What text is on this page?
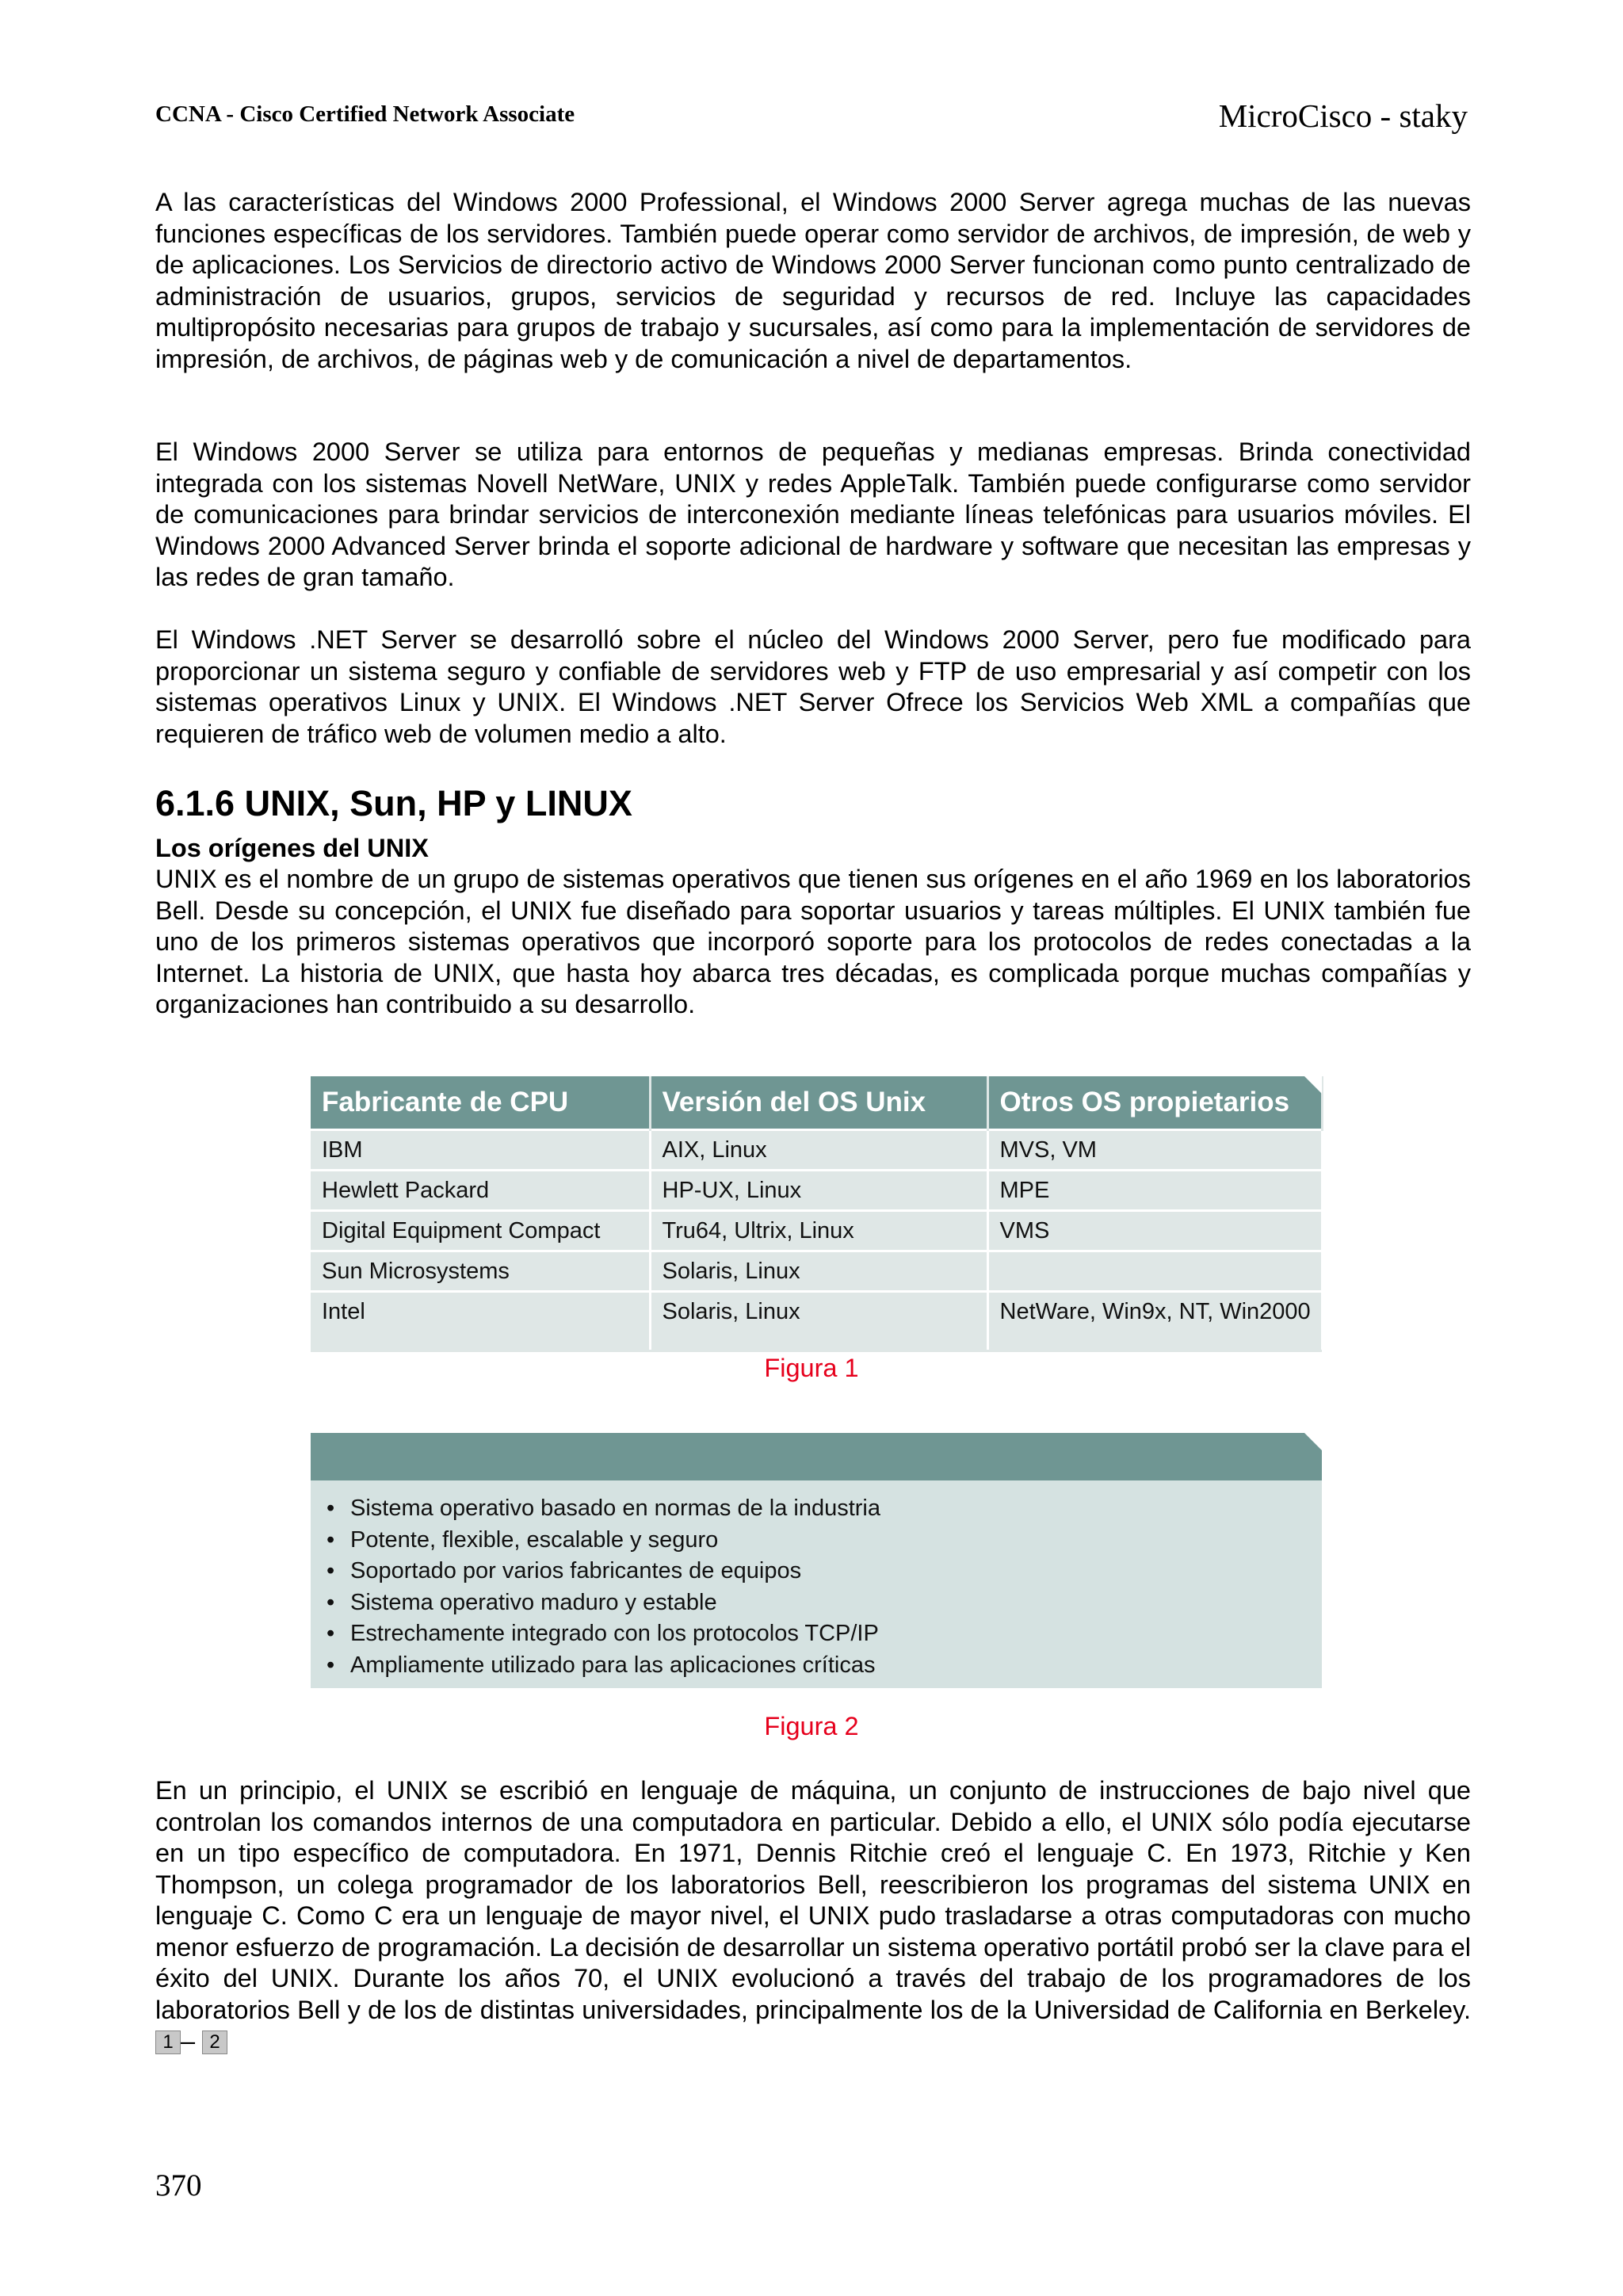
CCNA - Cisco Certified Network Associate	MicroCisco - staky

A las características del Windows 2000 Professional, el Windows 2000 Server agrega muchas de las nuevas funciones específicas de los servidores. También puede operar como servidor de archivos, de impresión, de web y de aplicaciones. Los Servicios de directorio activo de Windows 2000 Server funcionan como punto centralizado de administración de usuarios, grupos, servicios de seguridad y recursos de red. Incluye las capacidades multipropósito necesarias para grupos de trabajo y sucursales, así como para la implementación de servidores de impresión, de archivos, de páginas web y de comunicación a nivel de departamentos.

El Windows 2000 Server se utiliza para entornos de pequeñas y medianas empresas. Brinda conectividad integrada con los sistemas Novell NetWare, UNIX y redes AppleTalk. También puede configurarse como servidor de comunicaciones para brindar servicios de interconexión mediante líneas telefónicas para usuarios móviles. El Windows 2000 Advanced Server brinda el soporte adicional de hardware y software que necesitan las empresas y las redes de gran tamaño.

El Windows .NET Server se desarrolló sobre el núcleo del Windows 2000 Server, pero fue modificado para proporcionar un sistema seguro y confiable de servidores web y FTP de uso empresarial y así competir con los sistemas operativos Linux y UNIX. El Windows .NET Server Ofrece los Servicios Web XML a compañías que requieren de tráfico web de volumen medio a alto.

6.1.6 UNIX, Sun, HP y LINUX
Los orígenes del UNIX

UNIX es el nombre de un grupo de sistemas operativos que tienen sus orígenes en el año 1969 en los laboratorios Bell. Desde su concepción, el UNIX fue diseñado para soportar usuarios y tareas múltiples. El UNIX también fue uno de los primeros sistemas operativos que incorporó soporte para los protocolos de redes conectadas a la Internet. La historia de UNIX, que hasta hoy abarca tres décadas, es complicada porque muchas compañías y organizaciones han contribuido a su desarrollo.

Fabricante de CPU	Versión del OS Unix	Otros OS propietarios
IBM	AIX, Linux	MVS, VM
Hewlett Packard	HP-UX, Linux	MPE
Digital Equipment Compact	Tru64, Ultrix, Linux	VMS
Sun Microsystems	Solaris, Linux	
Intel	Solaris, Linux	NetWare, Win9x, NT, Win2000
Figura 1
• Sistema operativo basado en normas de la industria
• Potente, flexible, escalable y seguro
• Soportado por varios fabricantes de equipos
• Sistema operativo maduro y estable
• Estrechamente integrado con los protocolos TCP/IP
• Ampliamente utilizado para las aplicaciones críticas
Figura 2

En un principio, el UNIX se escribió en lenguaje de máquina, un conjunto de instrucciones de bajo nivel que controlan los comandos internos de una computadora en particular. Debido a ello, el UNIX sólo podía ejecutarse en un tipo específico de computadora. En 1971, Dennis Ritchie creó el lenguaje C. En 1973, Ritchie y Ken Thompson, un colega programador de los laboratorios Bell, reescribieron los programas del sistema UNIX en lenguaje C. Como C era un lenguaje de mayor nivel, el UNIX pudo trasladarse a otras computadoras con mucho menor esfuerzo de programación. La decisión de desarrollar un sistema operativo portátil probó ser la clave para el éxito del UNIX. Durante los años 70, el UNIX evolucionó a través del trabajo de los programadores de los laboratorios Bell y de los de distintas universidades, principalmente los de la Universidad de California en Berkeley. 1 – 2

370
